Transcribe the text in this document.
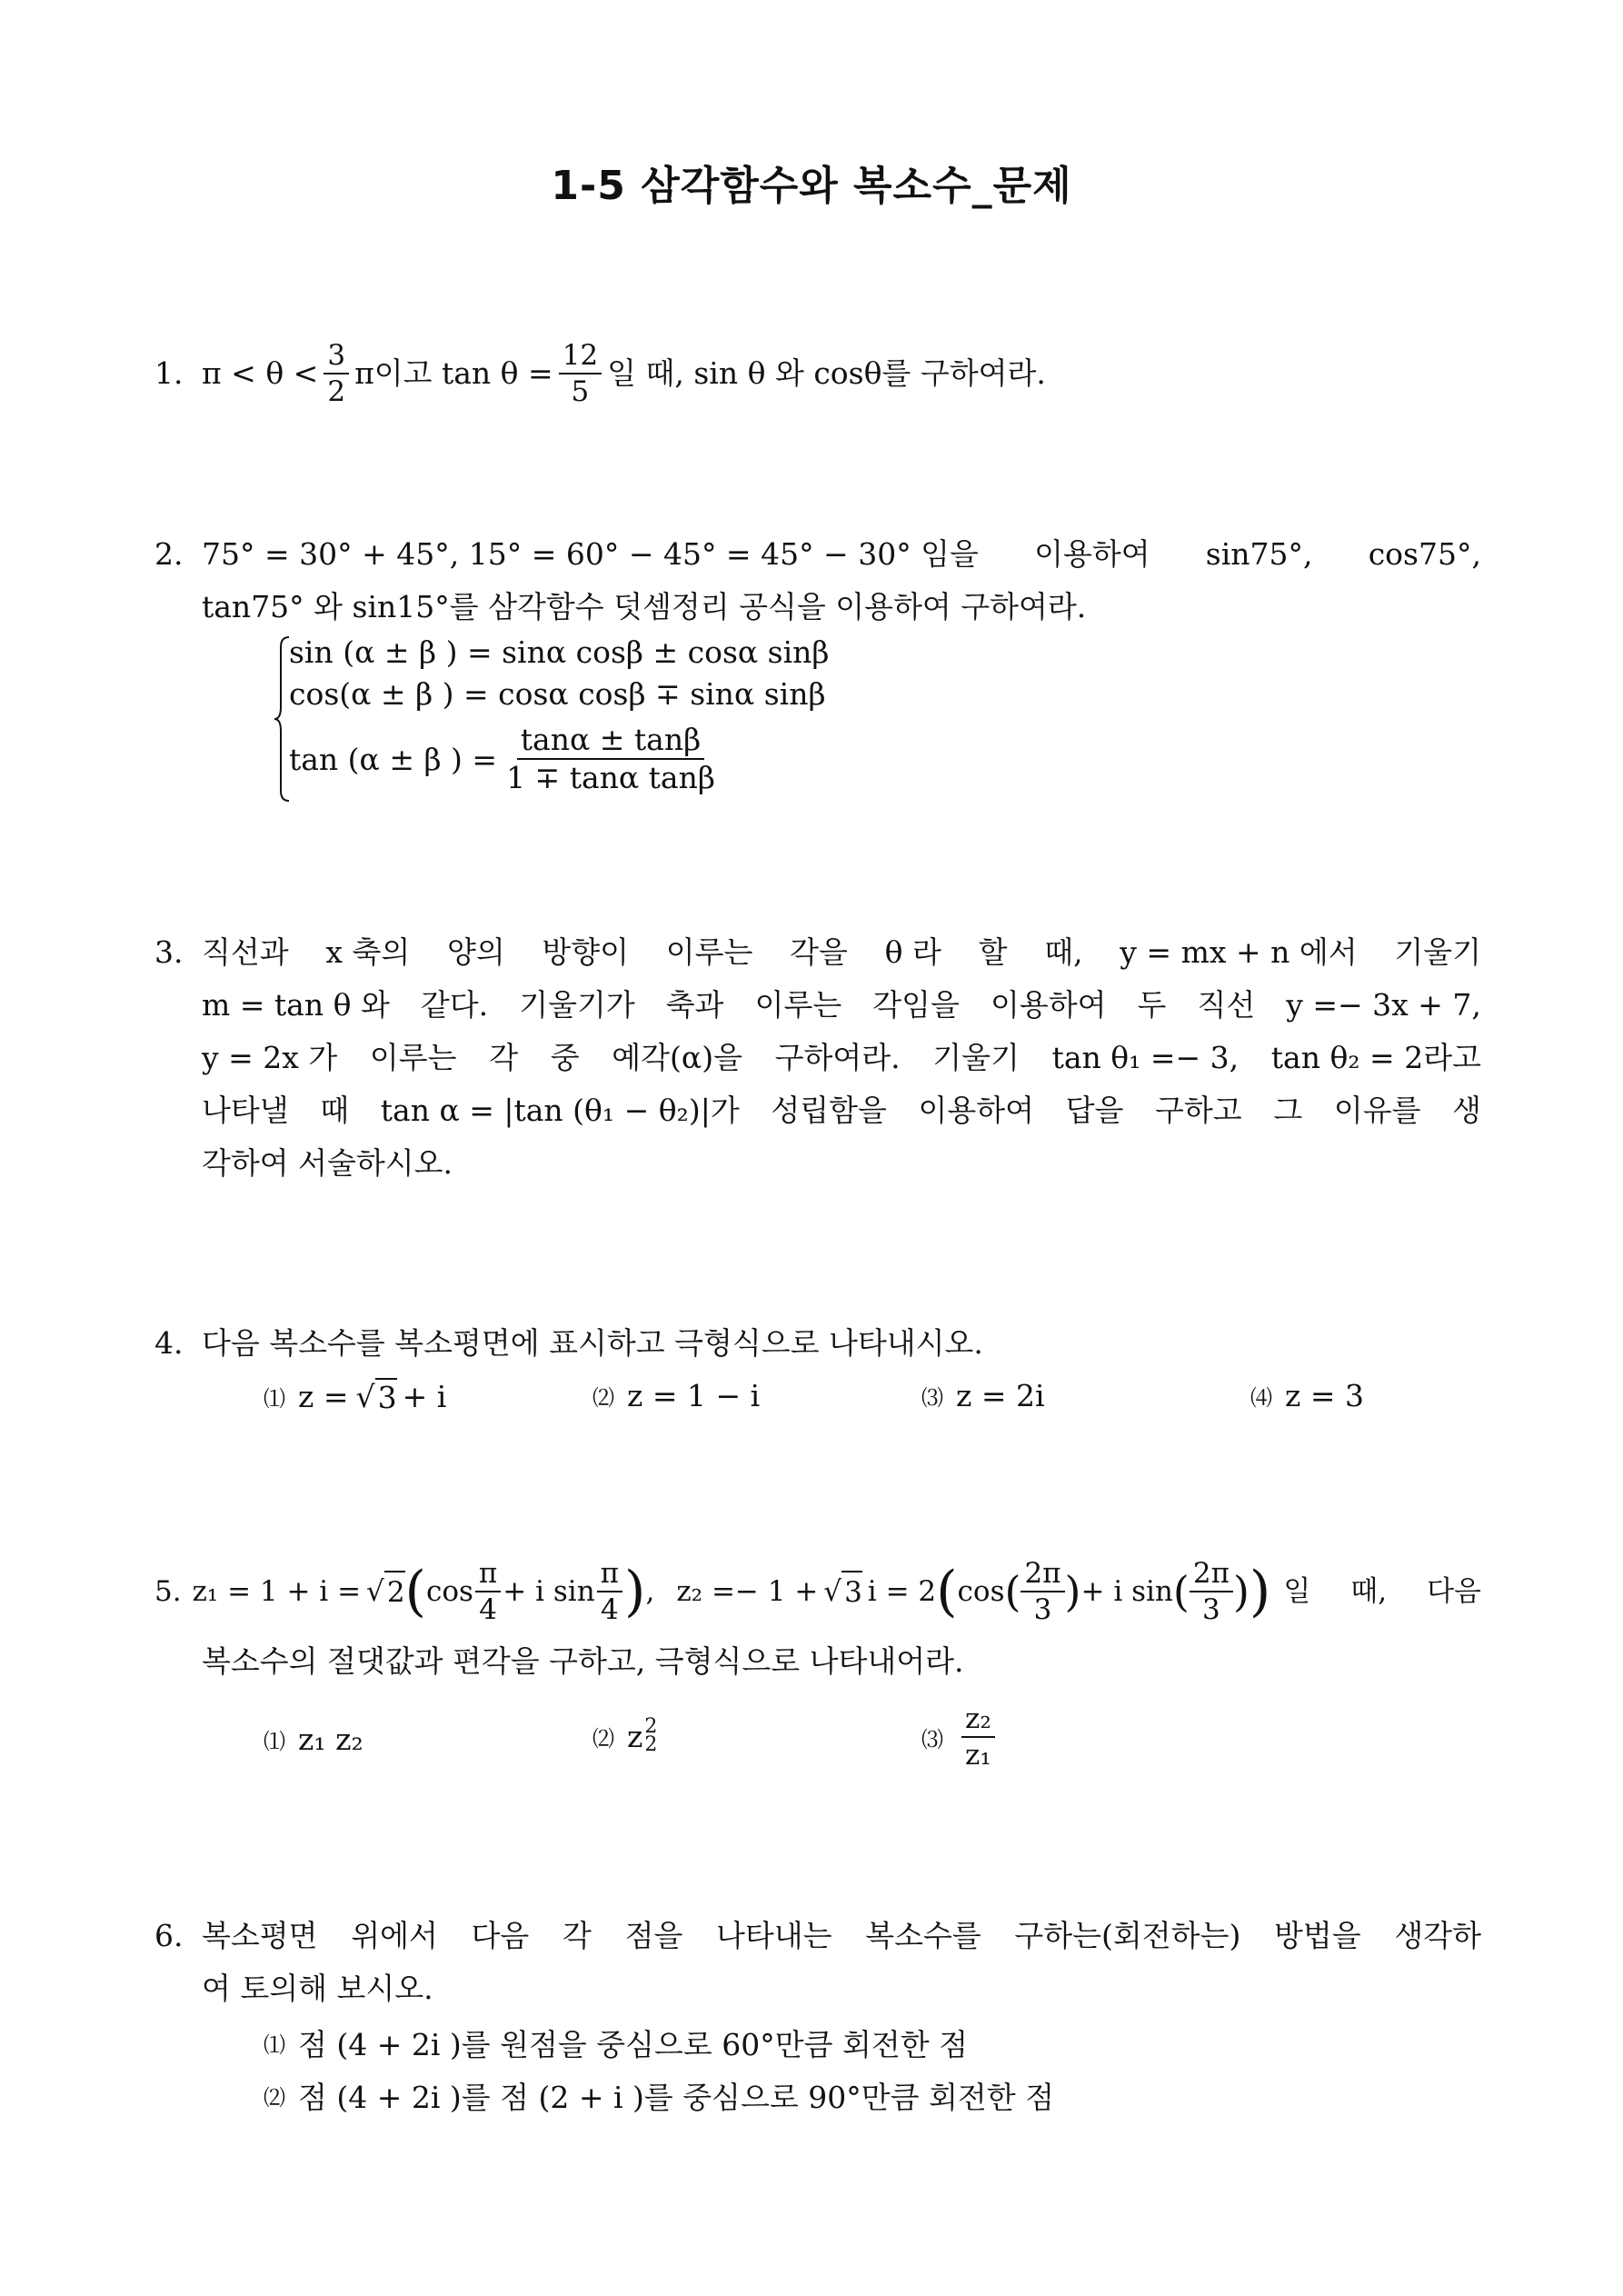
1-5 삼각함수와 복소수_문제
1. $\pi < \theta < \frac{3}{2}$ π이고 $\tan \theta = \frac{12}{5}$ 일 때, sin θ 와 cosθ를 구하여라.
2. 75° = 30° + 45°, 15° = 60° − 45° = 45° − 30° 임을 이용하여 sin75°, cos75°,
tan75° 와 sin15°를 삼각함수 덧셈정리 공식을 이용하여 구하여라.
sin (α ± β ) = sinα cosβ ± cosα sinβ
cos(α ± β ) = cosα cosβ ∓ sinα sinβ
tan (α ± β ) = $\frac{\tan\alpha \pm \tan\beta}{\text{1 ∓ tanα tanβ}}$
3. 직선과 x 축의 양의 방향이 이루는 각을 θ 라 할 때, y = mx + n 에서 기울기
m = tan θ 와 같다. 기울기가 축과 이루는 각임을 이용하여 두 직선 y =− 3x + 7,
y = 2x 가 이루는 각 중 예각(α)을 구하여라. 기울기 tan θ₁ =− 3, tan θ₂ = 2라고
나타낼 때 tan α = |tan (θ₁ − θ₂)|가 성립함을 이용하여 답을 구하고 그 이유를 생
각하여 서술하시오.
4. 다음 복소수를 복소평면에 표시하고 극형식으로 나타내시오.
⑴ z = √ 3 + i	⑵ z = 1 − i	⑶ z = 2i	⑷ z = 3
5. z₁ = 1 + i = √ 2 ( $\cos \frac{\pi}{4} + i$ $\sin \frac{\pi}{4}$ ) , z₂ =− 1 + √ 3 i = 2 ( cos ( $\frac{2\pi}{3}$ ) + i sin ( $\frac{2\pi}{3}$ ) ) 일 때, 다음
복소수의 절댓값과 편각을 구하고, 극형식으로 나타내어라.
⑴ z₁ z₂	⑵ z 2
2	⑶ $\frac{\text{z₂}}{\text{z₁}}$
6. 복소평면 위에서 다음 각 점을 나타내는 복소수를 구하는(회전하는) 방법을 생각하
여 토의해 보시오.
⑴ 점 (4 + 2i )를 원점을 중심으로 60°만큼 회전한 점
⑵ 점 (4 + 2i )를 점 (2 + i )를 중심으로 90°만큼 회전한 점
